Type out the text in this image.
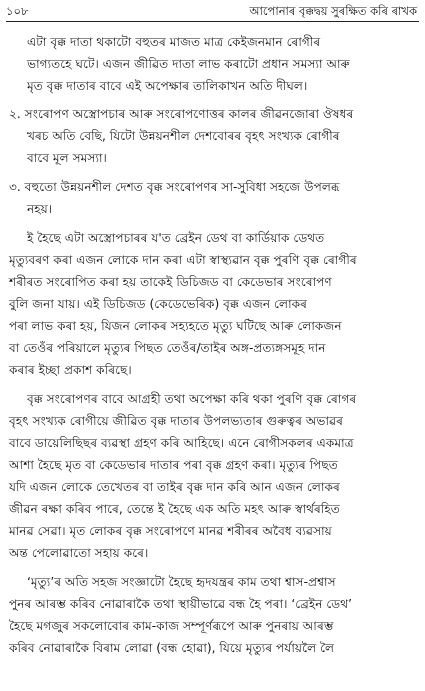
১০৮	আপোনাৰ বৃক্কদ্বয় সুৰক্ষিত কৰি ৰাখক
এটা বৃক্ক দাতা থকাটো বহুতৰ মাজত মাত্ৰ কেইজনমান ৰোগীৰ
ভাগ্যতহে ঘটে। এজন জীৱিত দাতা লাভ কৰাটো প্ৰধান সমস্যা আৰু
মৃত বৃক্ক দাতাৰ বাবে এই অপেক্ষাৰ তালিকাখন অতি দীঘল।
২. সংৰোপণ অস্ত্ৰোপচাৰ আৰু সংৰোপণোত্তৰ কালৰ জীৱনজোৰা ঔষধৰ
খৰচ অতি বেছি, যিটো উন্নয়নশীল দেশবোৰৰ বৃহৎ সংখ্যক ৰোগীৰ
বাবে মূল সমস্যা।
৩. বহুতো উন্নয়নশীল দেশত বৃক্ক সংৰোপণৰ সা-সুবিধা সহজে উপলব্ধ
নহয়।
ই হৈছে এটা অস্ত্ৰোপচাৰৰ য'ত ব্ৰেইন ডেথ বা কাৰ্ডিয়াক ডেথত
মৃত্যুবৰণ কৰা এজন লোকে দান কৰা এটা স্বাস্থ্যৱান বৃক্ক পুৰণি বৃক্ক ৰোগীৰ
শৰীৰত সংৰোপিত কৰা হয় তাকেই ডিচিজড বা কেডেভাৰ সংৰোপণ
বুলি জনা যায়। এই ডিচিজড (কেডেভেৰিক) বৃক্ক এজন লোকৰ
পৰা লাভ কৰা হয়, যিজন লোকৰ সহ্যহতে মৃত্যু ঘটিছে আৰু লোকজন
বা তেওঁৰ পৰিয়ালে মৃত্যুৰ পিছত তেওঁৰ/তাইৰ অঙ্গ-প্ৰত্যঙ্গসমূহ দান
কৰাৰ ইচ্ছা প্ৰকাশ কৰিছে।
বৃক্ক সংৰোপণৰ বাবে আগ্ৰহী তথা অপেক্ষা কৰি থকা পুৰণি বৃক্ক ৰোগৰ
বৃহৎ সংখ্যক ৰোগীয়ে জীৱিত বৃক্ক দাতাৰ উপলভ্যতাৰ গুৰুত্বৰ অভাৱৰ
বাবে ডায়েলিছিছৰ ব্যৱস্থা গ্ৰহণ কৰি আহিছে। এনে ৰোগীসকলৰ একমাত্ৰ
আশা হৈছে মৃত বা কেডেভাৰ দাতাৰ পৰা বৃক্ক গ্ৰহণ কৰা। মৃত্যুৰ পিছত
যদি এজন লোকে তেখেতৰ বা তাইৰ বৃক্ক দান কৰি আন এজন লোকৰ
জীৱন ৰক্ষা কৰিব পাৰে, তেন্তে ই হৈছে এক অতি মহৎ আৰু স্বাৰ্থৰহিত
মানৱ সেৱা। মৃত লোকৰ বৃক্ক সংৰোপণে মানৱ শৰীৰৰ অবৈধ ব্যৱসায়
অন্ত পেলোৱাতো সহায় কৰে।
‘মৃত্যু’ৰ অতি সহজ সংজ্ঞাটো হৈছে হৃদযন্ত্ৰৰ কাম তথা শ্বাস-প্ৰশ্বাস
পুনৰ আৰম্ভ কৰিব নোৱাৰাকৈ তথা স্থায়ীভাৱে বন্ধ হৈ পৰা। ‘ব্ৰেইন ডেথ’
হৈছে মগজুৰ সকলোবোৰ কাম-কাজ সম্পূৰ্ণৰূপে আৰু পুনৰায় আৰম্ভ
কৰিব নোৱাৰাকৈ বিৰাম লোৱা (বন্ধ হোৱা), যিয়ে মৃত্যুৰ পৰ্যায়লৈ লৈ
